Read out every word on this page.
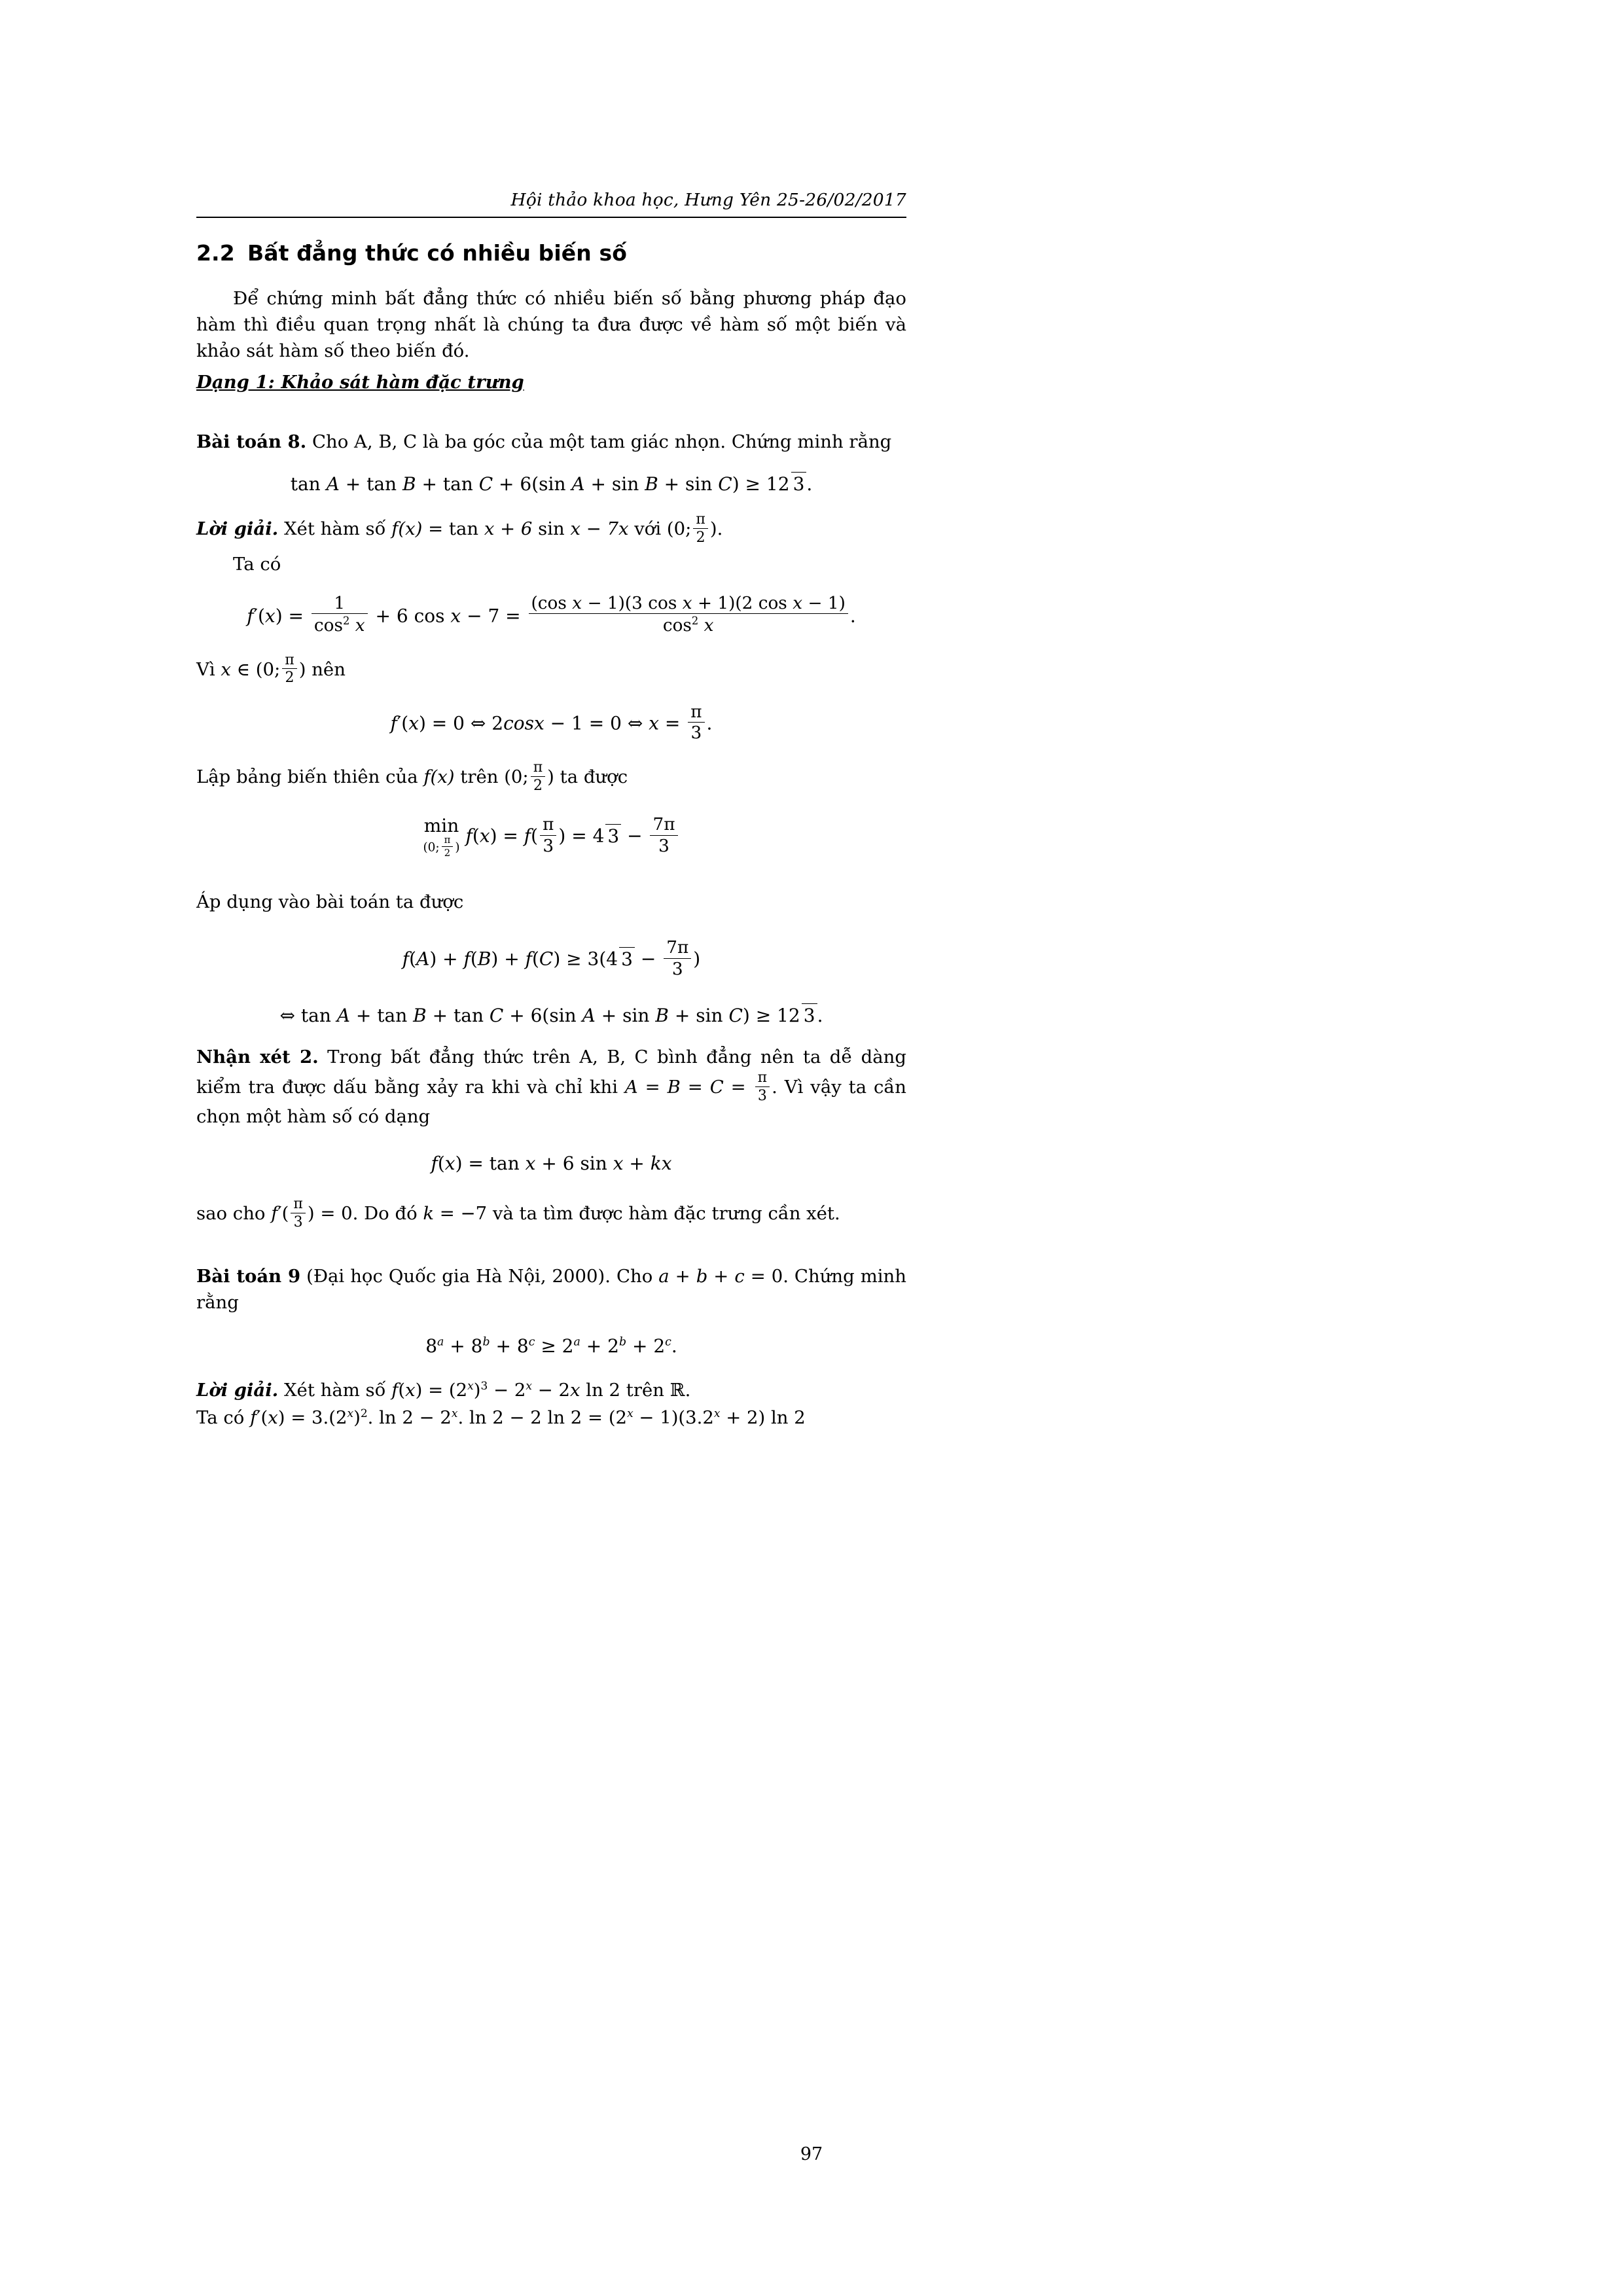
Hội thảo khoa học, Hưng Yên 25-26/02/2017
2.2 Bất đẳng thức có nhiều biến số

Để chứng minh bất đẳng thức có nhiều biến số bằng phương pháp đạo hàm thì điều quan trọng nhất là chúng ta đưa được về hàm số một biến và khảo sát hàm số theo biến đó.

Dạng 1: Khảo sát hàm đặc trưng

Bài toán 8. Cho A, B, C là ba góc của một tam giác nhọn. Chứng minh rằng

tan A + tan B + tan C + 6(sin A + sin B + sin C) ≥ 12 3 .

Lời giải. Xét hàm số f(x) = tan x + 6 sin x − 7x với (0; $\frac{\pi}{2}$ ).

Ta có

$f'(x) = \frac{1}{\cos^2 x} + 6$ $\cos x - 7 = \frac{\text{(cos x − 1)(3 cos x + 1)(2 cos x − 1)}}{\cos^2 x}$ .

Vì x ∈ (0; $\frac{\pi}{2}$ ) nên

f′(x) = 0 ⇔ 2cosx − 1 = 0 ⇔ $x = \frac{\pi}{3}$ .

Lập bảng biến thiên của f(x) trên (0; $\frac{\pi}{2}$ ) ta được

min
(0; $\frac{\pi}{2}$ )
$f(x) = f( \frac{\pi}{3}$ ) = 4 $3 - \frac{7\pi}{3}$

Áp dụng vào bài toán ta được

f(A) + f(B) + f(C) ≥ 3(4 $3 - \frac{7\pi}{3}$ )
⇔ tan A + tan B + tan C + 6(sin A + sin B + sin C) ≥ 12 3 .

Nhận xét 2. Trong bất đẳng thức trên A, B, C bình đẳng nên ta dễ dàng kiểm tra được dấu bằng xảy ra khi và chỉ khi $A = B = C = \frac{\pi}{3}$ . Vì vậy ta cần chọn một hàm số có dạng

f(x) = tan x + 6 sin x + kx

sao cho $f'( \frac{\pi}{3}$ ) = 0. Do đó k = −7 và ta tìm được hàm đặc trưng cần xét.

Bài toán 9 (Đại học Quốc gia Hà Nội, 2000). Cho a + b + c = 0. Chứng minh rằng

$8^a + 8^b + 8^c \ge 2^a + 2^b + 2^c$.

Lời giải. Xét hàm số $f(x) = (2^x)^3 - 2^x - 2x$ ln 2 trên ℝ.

Ta có $f'(x) = 3.(2^x)^2$. $\ln 2 - 2^x$. ln 2 − 2 $\ln 2 = (2^x - 1)(3.2^x + 2)$ ln 2

97
